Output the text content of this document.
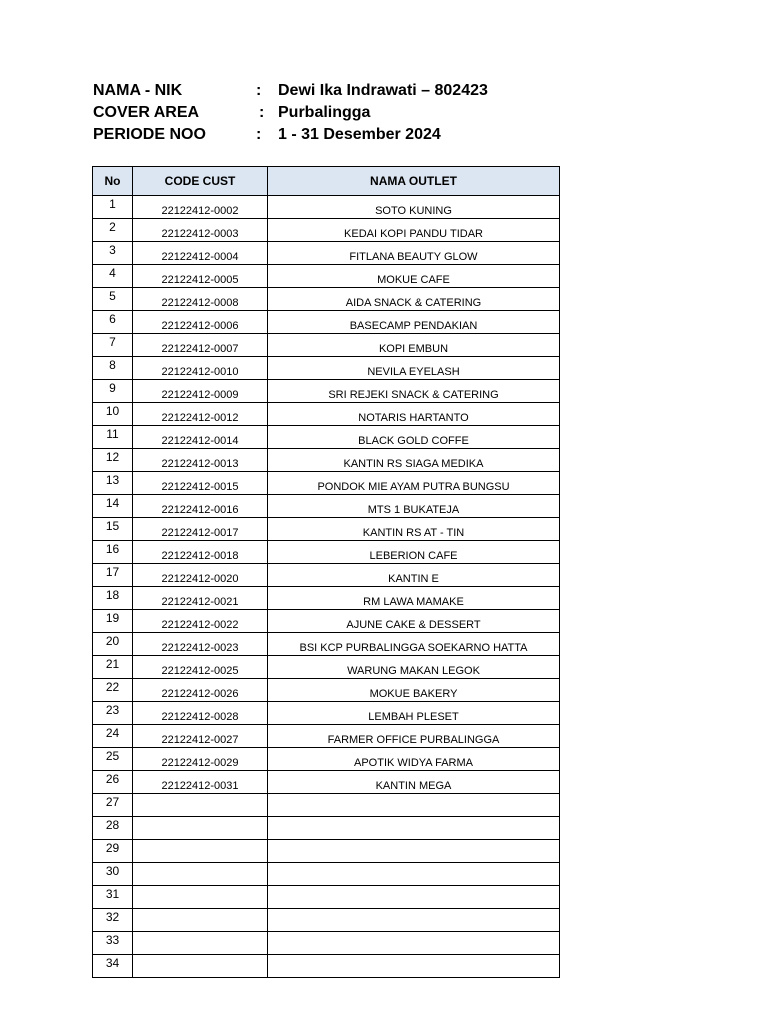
NAMA - NIK	:	Dewi Ika Indrawati – 802423
COVER AREA	: Purbalingga
PERIODE NOO	:	1 - 31 Desember 2024
No	CODE CUST	NAMA OUTLET
1	22122412-0002	SOTO KUNING
2	22122412-0003	KEDAI KOPI PANDU TIDAR
3	22122412-0004	FITLANA BEAUTY GLOW
4	22122412-0005	MOKUE CAFE
5	22122412-0008	AIDA SNACK & CATERING
6	22122412-0006	BASECAMP PENDAKIAN
7	22122412-0007	KOPI EMBUN
8	22122412-0010	NEVILA EYELASH
9	22122412-0009	SRI REJEKI SNACK & CATERING
10	22122412-0012	NOTARIS HARTANTO
11	22122412-0014	BLACK GOLD COFFE
12	22122412-0013	KANTIN RS SIAGA MEDIKA
13	22122412-0015	PONDOK MIE AYAM PUTRA BUNGSU
14	22122412-0016	MTS 1 BUKATEJA
15	22122412-0017	KANTIN RS AT - TIN
16	22122412-0018	LEBERION CAFE
17	22122412-0020	KANTIN E
18	22122412-0021	RM LAWA MAMAKE
19	22122412-0022	AJUNE CAKE & DESSERT
20	22122412-0023	BSI KCP PURBALINGGA SOEKARNO HATTA
21	22122412-0025	WARUNG MAKAN LEGOK
22	22122412-0026	MOKUE BAKERY
23	22122412-0028	LEMBAH PLESET
24	22122412-0027	FARMER OFFICE PURBALINGGA
25	22122412-0029	APOTIK WIDYA FARMA
26	22122412-0031	KANTIN MEGA
27		
28		
29		
30		
31		
32		
33		
34		
